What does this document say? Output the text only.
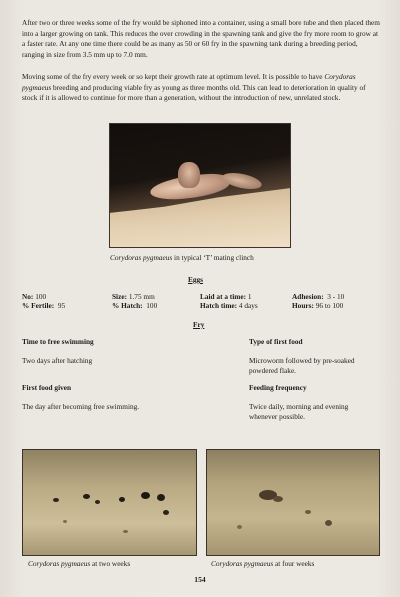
After two or three weeks some of the fry would be siphoned into a container, using a small bore tube and then placed them into a larger growing on tank. This reduces the over crowding in the spawning tank and give the fry more room to grow at a faster rate. At any one time there could be as many as 50 or 60 fry in the spawning tank during a breeding period, ranging in size from 3.5 mm up to 7.0 mm.

Moving some of the fry every week or so kept their growth rate at optimum level. It is possible to have Corydoras pygmaeus breeding and producing viable fry as young as three months old. This can lead to deterioration in quality of stock if it is allowed to continue for more than a generation, without the introduction of new, unrelated stock.

Corydoras pygmaeus in typical ‘T’ mating clinch
Eggs
No: 100
% Fertile: 95
Size: 1.75 mm
% Hatch: 100
Laid at a time: 1
Hatch time: 4 days
Adhesion: 3 - 10
Hours: 96 to 100
Fry
Time to free swimming
Two days after hatching
First food given
The day after becoming free swimming.
Type of first food
Microworm followed by pre-soaked powdered flake.
Feeding frequency
Twice daily, morning and evening whenever possible.
Corydoras pygmaeus at two weeks	Corydoras pygmaeus at four weeks
154
